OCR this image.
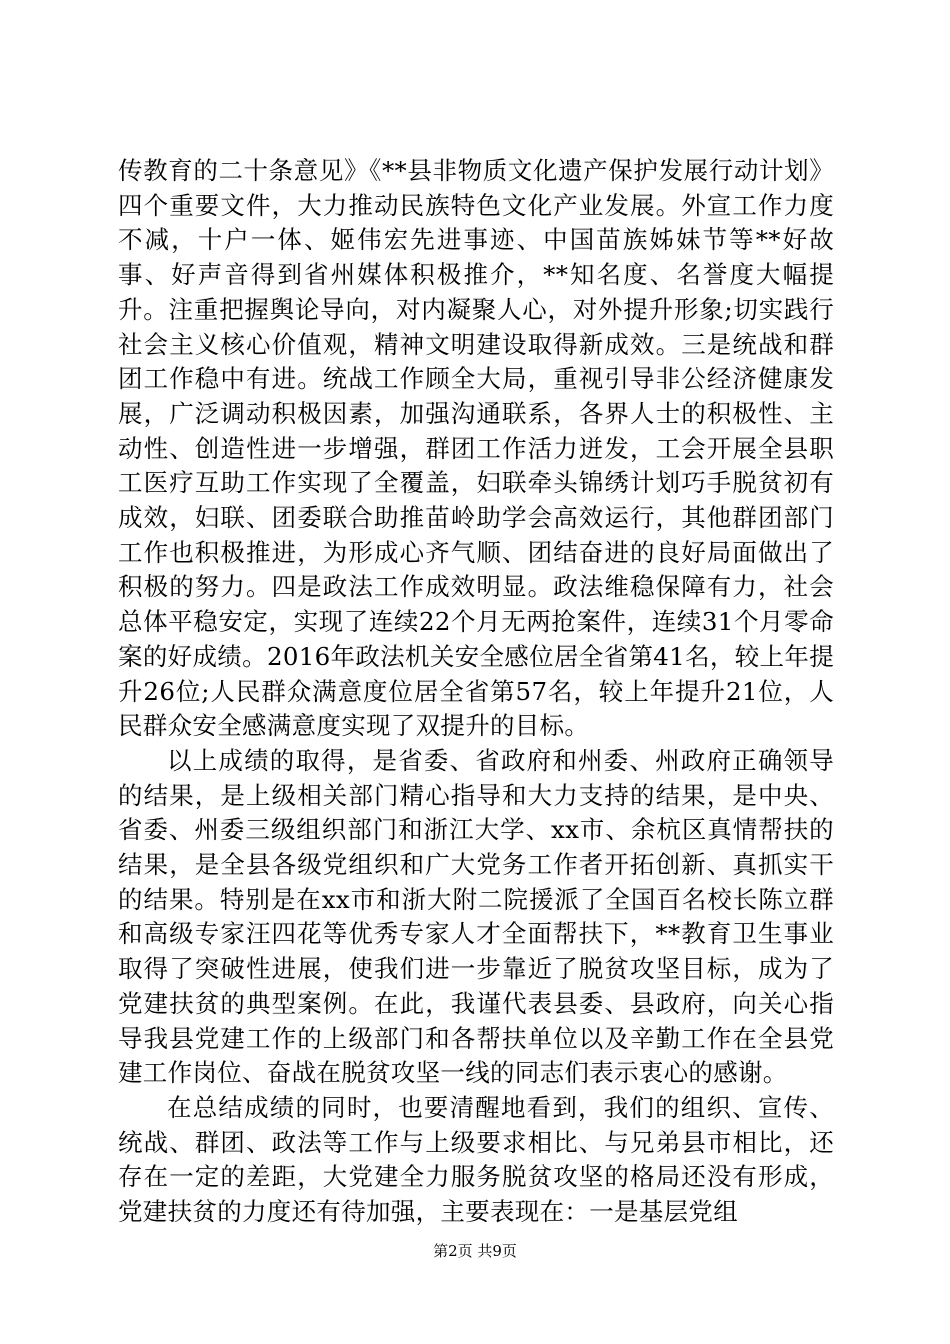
传教育的二十条意见》《**县非物质文化遗产保护发展行动计划》四个重要文件，大力推动民族特色文化产业发展。外宣工作力度不减，十户一体、姬伟宏先进事迹、中国苗族姊妹节等**好故事、好声音得到省州媒体积极推介，**知名度、名誉度大幅提升。注重把握舆论导向，对内凝聚人心，对外提升形象;切实践行社会主义核心价值观，精神文明建设取得新成效。三是统战和群团工作稳中有进。统战工作顾全大局，重视引导非公经济健康发展，广泛调动积极因素，加强沟通联系，各界人士的积极性、主动性、创造性进一步增强，群团工作活力迸发，工会开展全县职工医疗互助工作实现了全覆盖，妇联牵头锦绣计划巧手脱贫初有成效，妇联、团委联合助推苗岭助学会高效运行，其他群团部门工作也积极推进，为形成心齐气顺、团结奋进的良好局面做出了积极的努力。四是政法工作成效明显。政法维稳保障有力，社会总体平稳安定，实现了连续22个月无两抢案件，连续31个月零命案的好成绩。2016年政法机关安全感位居全省第41名，较上年提升26位;人民群众满意度位居全省第57名，较上年提升21位，人民群众安全感满意度实现了双提升的目标。

以上成绩的取得，是省委、省政府和州委、州政府正确领导的结果，是上级相关部门精心指导和大力支持的结果，是中央、省委、州委三级组织部门和浙江大学、xx市、余杭区真情帮扶的结果，是全县各级党组织和广大党务工作者开拓创新、真抓实干的结果。特别是在xx市和浙大附二院援派了全国百名校长陈立群和高级专家汪四花等优秀专家人才全面帮扶下，**教育卫生事业取得了突破性进展，使我们进一步靠近了脱贫攻坚目标，成为了党建扶贫的典型案例。在此，我谨代表县委、县政府，向关心指导我县党建工作的上级部门和各帮扶单位以及辛勤工作在全县党建工作岗位、奋战在脱贫攻坚一线的同志们表示衷心的感谢。

在总结成绩的同时，也要清醒地看到，我们的组织、宣传、统战、群团、政法等工作与上级要求相比、与兄弟县市相比，还存在一定的差距，大党建全力服务脱贫攻坚的格局还没有形成，党建扶贫的力度还有待加强，主要表现在：一是基层党组

第2页 共9页
